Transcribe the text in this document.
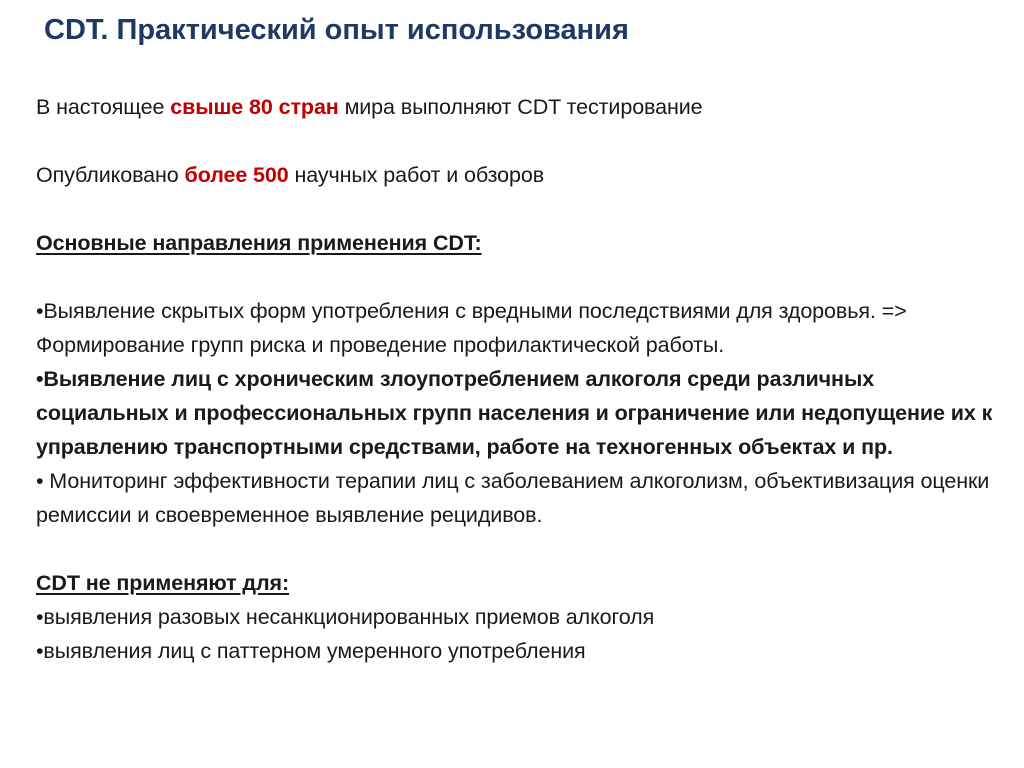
CDT. Практический опыт использования

В настоящее свыше 80 стран мира выполняют CDT тестирование

Опубликовано более 500 научных работ и обзоров

Основные направления применения CDT:

•Выявление скрытых форм употребления с вредными последствиями для здоровья. => Формирование групп риска и проведение профилактической работы.

•Выявление лиц с хроническим злоупотреблением алкоголя среди различных социальных и профессиональных групп населения и ограничение или недопущение их к управлению транспортными средствами, работе на техногенных объектах и пр.

• Мониторинг эффективности терапии лиц с заболеванием алкоголизм, объективизация оценки ремиссии и своевременное выявление рецидивов.

CDT не применяют для:

•выявления разовых несанкционированных приемов алкоголя

•выявления лиц с паттерном умеренного употребления
